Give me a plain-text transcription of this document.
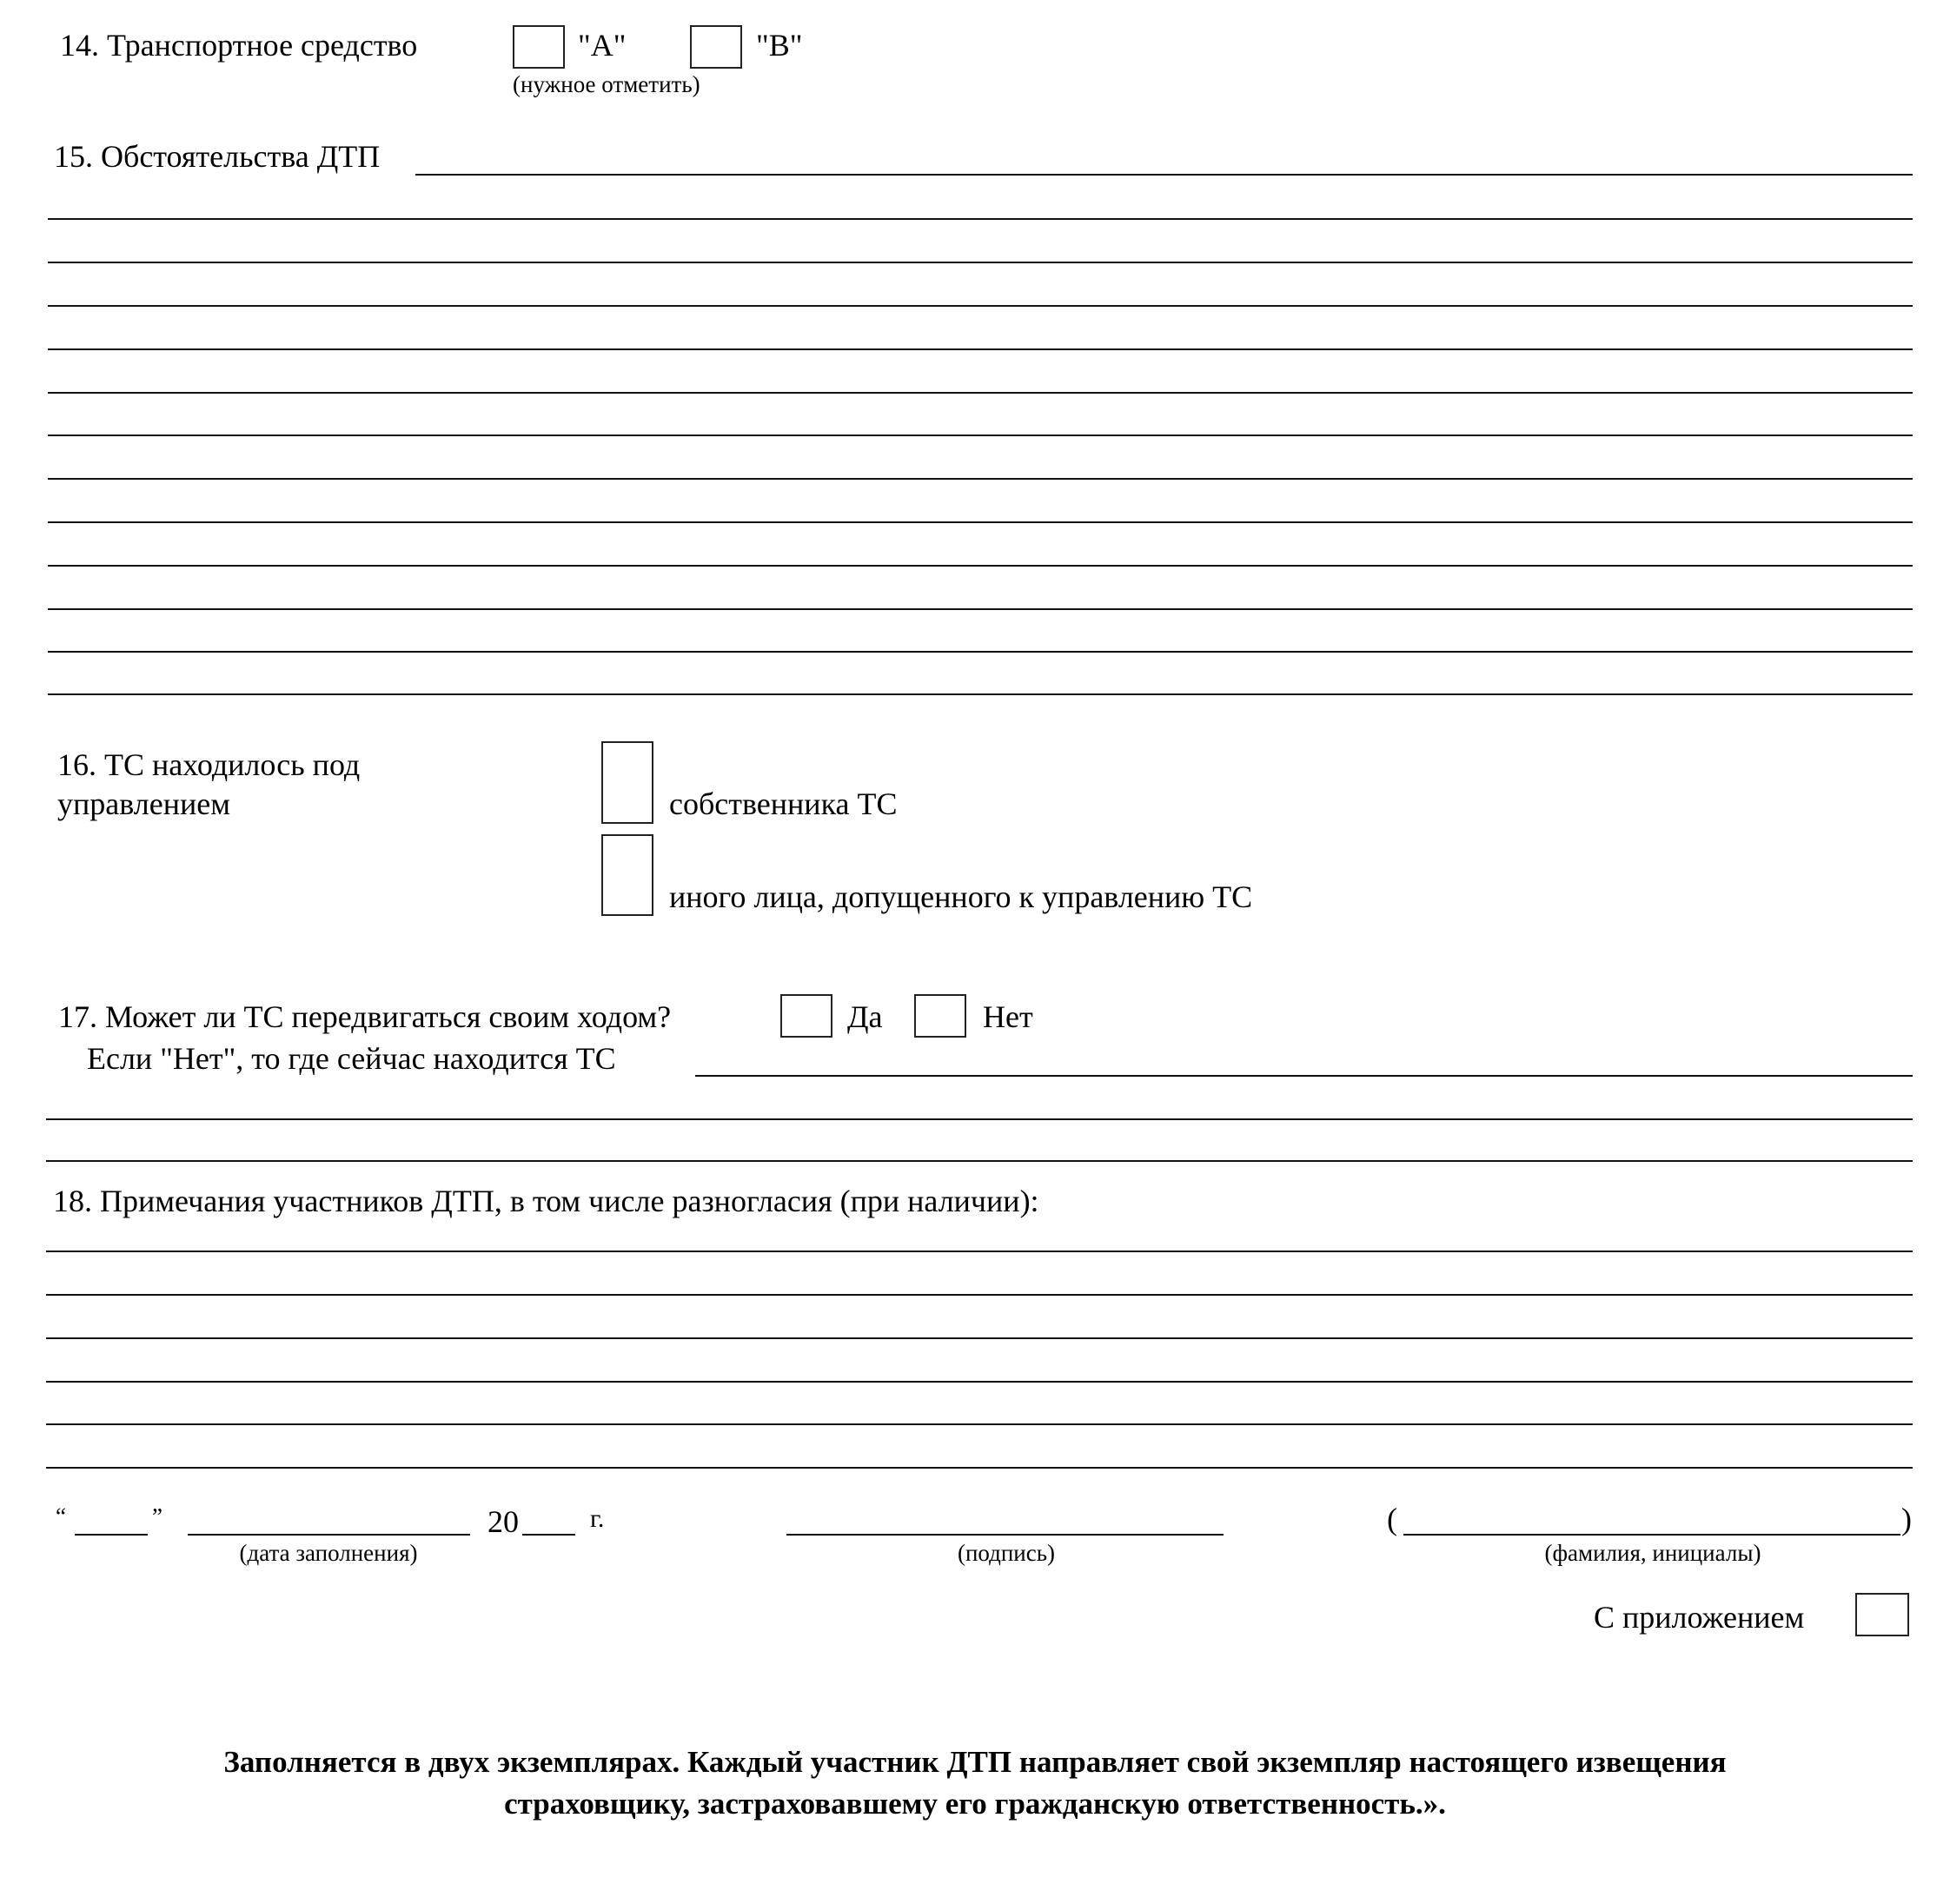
14. Транспортное средство	"A"	"B"
(нужное отметить)
15. Обстоятельства ДТП
16. ТС находилось под
управлением	собственника ТС
иного лица, допущенного к управлению ТС
17. Может ли ТС передвигаться своим ходом?	Да	Нет
Если "Нет", то где сейчас находится ТС
18. Примечания участников ДТП, в том числе разногласия (при наличии):
“	”	20	г.
(дата заполнения)	(подпись)
(	)
(фамилия, инициалы)
С приложением
Заполняется в двух экземплярах. Каждый участник ДТП направляет свой экземпляр настоящего извещения
страховщику, застраховавшему его гражданскую ответственность.».
